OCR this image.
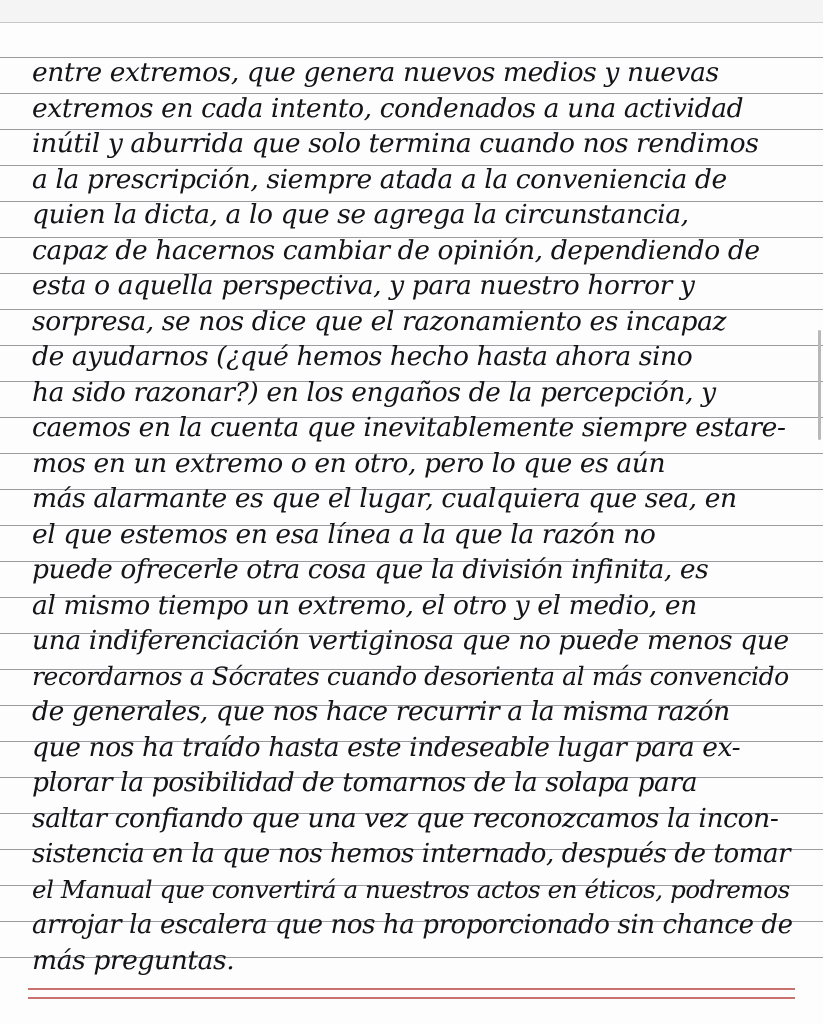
entre extremos, que genera nuevos medios y nuevas
extremos en cada intento, condenados a una actividad
inútil y aburrida que solo termina cuando nos rendimos
a la prescripción, siempre atada a la conveniencia de
quien la dicta, a lo que se agrega la circunstancia,
capaz de hacernos cambiar de opinión, dependiendo de
esta o aquella perspectiva, y para nuestro horror y
sorpresa, se nos dice que el razonamiento es incapaz
de ayudarnos (¿qué hemos hecho hasta ahora sino
ha sido razonar?) en los engaños de la percepción, y
caemos en la cuenta que inevitablemente siempre estare-
mos en un extremo o en otro, pero lo que es aún
más alarmante es que el lugar, cualquiera que sea, en
el que estemos en esa línea a la que la razón no
puede ofrecerle otra cosa que la división infinita, es
al mismo tiempo un extremo, el otro y el medio, en
una indiferenciación vertiginosa que no puede menos que
recordarnos a Sócrates cuando desorienta al más convencido
de generales, que nos hace recurrir a la misma razón
que nos ha traído hasta este indeseable lugar para ex-
plorar la posibilidad de tomarnos de la solapa para
saltar confiando que una vez que reconozcamos la incon-
sistencia en la que nos hemos internado, después de tomar
el Manual que convertirá a nuestros actos en éticos, podremos
arrojar la escalera que nos ha proporcionado sin chance de
más preguntas.
